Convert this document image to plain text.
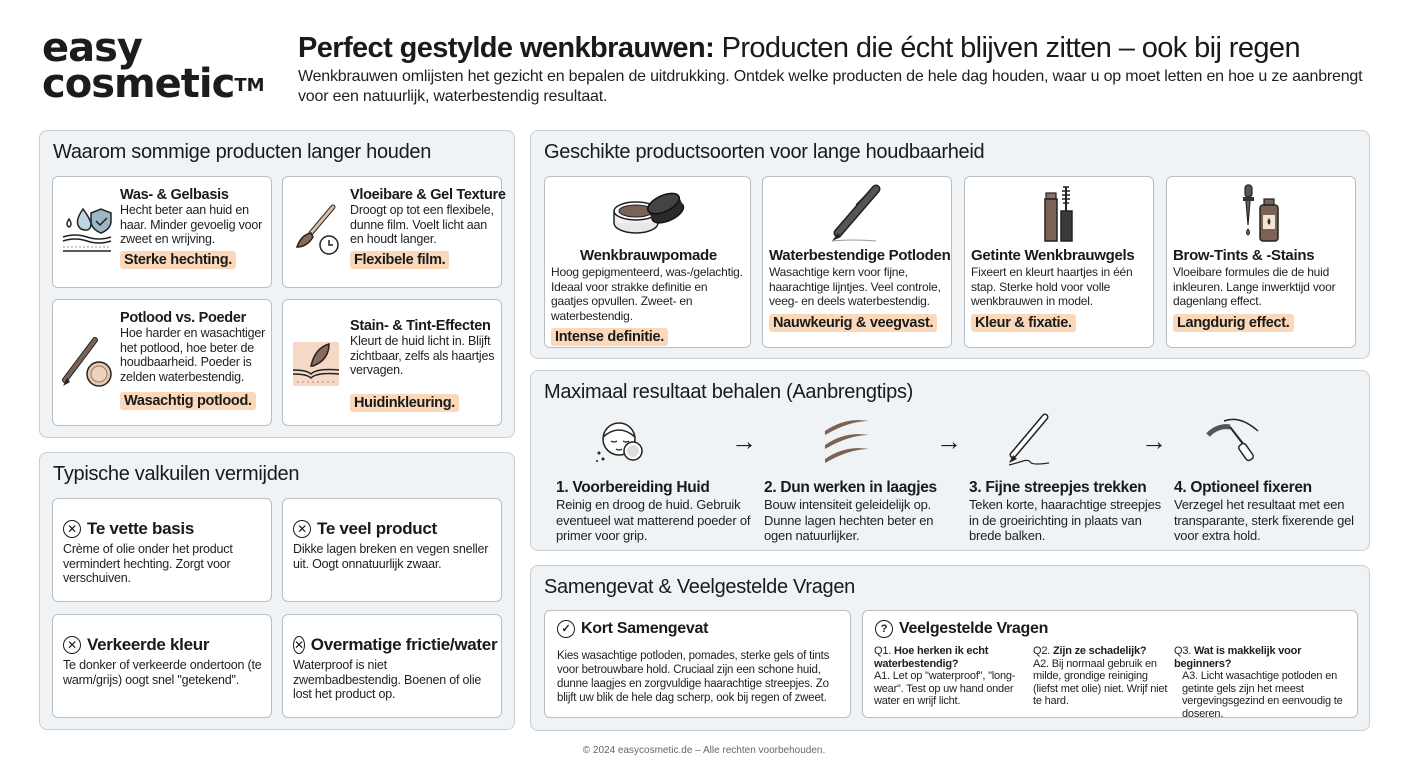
easy
cosmetic™
Perfect gestylde wenkbrauwen: Producten die écht blijven zitten – ook bij regen
Wenkbrauwen omlijsten het gezicht en bepalen de uitdrukking. Ontdek welke producten de hele dag houden, waar u op moet letten en hoe u ze aanbrengt voor een natuurlijk, waterbestendig resultaat.
Waarom sommige producten langer houden
Was- & Gelbasis

Hecht beter aan huid en haar. Minder gevoelig voor zweet en wrijving.

Sterke hechting.
Vloeibare & Gel Texture

Droogt op tot een flexibele, dunne film. Voelt licht aan en houdt langer.

Flexibele film.
Potlood vs. Poeder

Hoe harder en wasachtiger het potlood, hoe beter de houdbaarheid. Poeder is zelden waterbestendig.

Wasachtig potlood.
Stain- & Tint-Effecten

Kleurt de huid licht in. Blijft zichtbaar, zelfs als haartjes vervagen.

Huidinkleuring.
Typische valkuilen vermijden
✕ Te vette basis

Crème of olie onder het product vermindert hechting. Zorgt voor verschuiven.

✕ Te veel product

Dikke lagen breken en vegen sneller uit. Oogt onnatuurlijk zwaar.

✕ Verkeerde kleur

Te donker of verkeerde ondertoon (te warm/grijs) oogt snel "getekend".

✕ Overmatige frictie/water

Waterproof is niet zwembadbestendig. Boenen of olie lost het product op.

Geschikte productsoorten voor lange houdbaarheid
Wenkbrauwpomade

Hoog gepigmenteerd, was-/gelachtig. Ideaal voor strakke definitie en gaatjes opvullen. Zweet- en waterbestendig.

Intense definitie.
Waterbestendige Potloden

Wasachtige kern voor fijne, haarachtige lijntjes. Veel controle, veeg- en deels waterbestendig.

Nauwkeurig & veegvast.
Getinte Wenkbrauwgels

Fixeert en kleurt haartjes in één stap. Sterke hold voor volle wenkbrauwen in model.

Kleur & fixatie.
Brow-Tints & -Stains

Vloeibare formules die de huid inkleuren. Lange inwerktijd voor dagenlang effect.

Langdurig effect.
Maximaal resultaat behalen (Aanbrengtips)
1. Voorbereiding Huid

Reinig en droog de huid. Gebruik eventueel wat matterend poeder of primer voor grip.

→
2. Dun werken in laagjes

Bouw intensiteit geleidelijk op. Dunne lagen hechten beter en ogen natuurlijker.

→
3. Fijne streepjes trekken

Teken korte, haarachtige streepjes in de groeirichting in plaats van brede balken.

→
4. Optioneel fixeren

Verzegel het resultaat met een transparante, sterk fixerende gel voor extra hold.

Samengevat & Veelgestelde Vragen
✓ Kort Samengevat

Kies wasachtige potloden, pomades, sterke gels of tints voor betrouwbare hold. Cruciaal zijn een schone huid, dunne laagjes en zorgvuldige haarachtige streepjes. Zo blijft uw blik de hele dag scherp, ook bij regen of zweet.

? Veelgestelde Vragen
Q1. Hoe herken ik echt waterbestendig?
A1. Let op "waterproof", "long-wear". Test op uw hand onder water en wrijf licht.
Q2. Zijn ze schadelijk?
A2. Bij normaal gebruik en milde, grondige reiniging (liefst met olie) niet. Wrijf niet te hard.
Q3. Wat is makkelijk voor beginners?
A3. Licht wasachtige potloden en getinte gels zijn het meest vergevingsgezind en eenvoudig te doseren.
© 2024 easycosmetic.de – Alle rechten voorbehouden.
